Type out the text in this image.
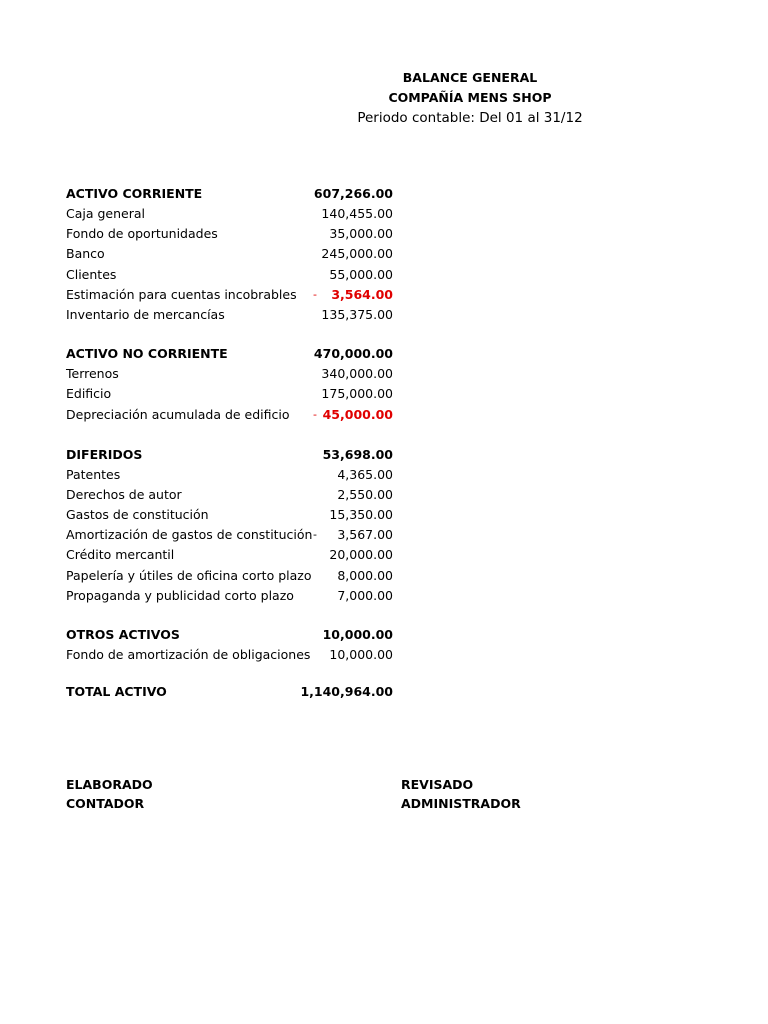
BALANCE GENERAL
COMPAÑÍA MENS SHOP
Periodo contable: Del 01 al 31/12
ACTIVO CORRIENTE	607,266.00
Caja general	140,455.00
Fondo de oportunidades	35,000.00
Banco	245,000.00
Clientes	55,000.00
Estimación para cuentas incobrables - 3,564.00
Inventario de mercancías	135,375.00
ACTIVO NO CORRIENTE	470,000.00
Terrenos	340,000.00
Edificio	175,000.00
Depreciación acumulada de edificio - 45,000.00
DIFERIDOS	53,698.00
Patentes	4,365.00
Derechos de autor	2,550.00
Gastos de constitución	15,350.00
Amortización de gastos de constitución - 3,567.00
Crédito mercantil	20,000.00
Papelería y útiles de oficina corto plazo 8,000.00
Propaganda y publicidad corto plazo	7,000.00
OTROS ACTIVOS	10,000.00
Fondo de amortización de obligaciones 10,000.00
TOTAL ACTIVO	1,140,964.00
ELABORADO
CONTADOR
REVISADO
ADMINISTRADOR
